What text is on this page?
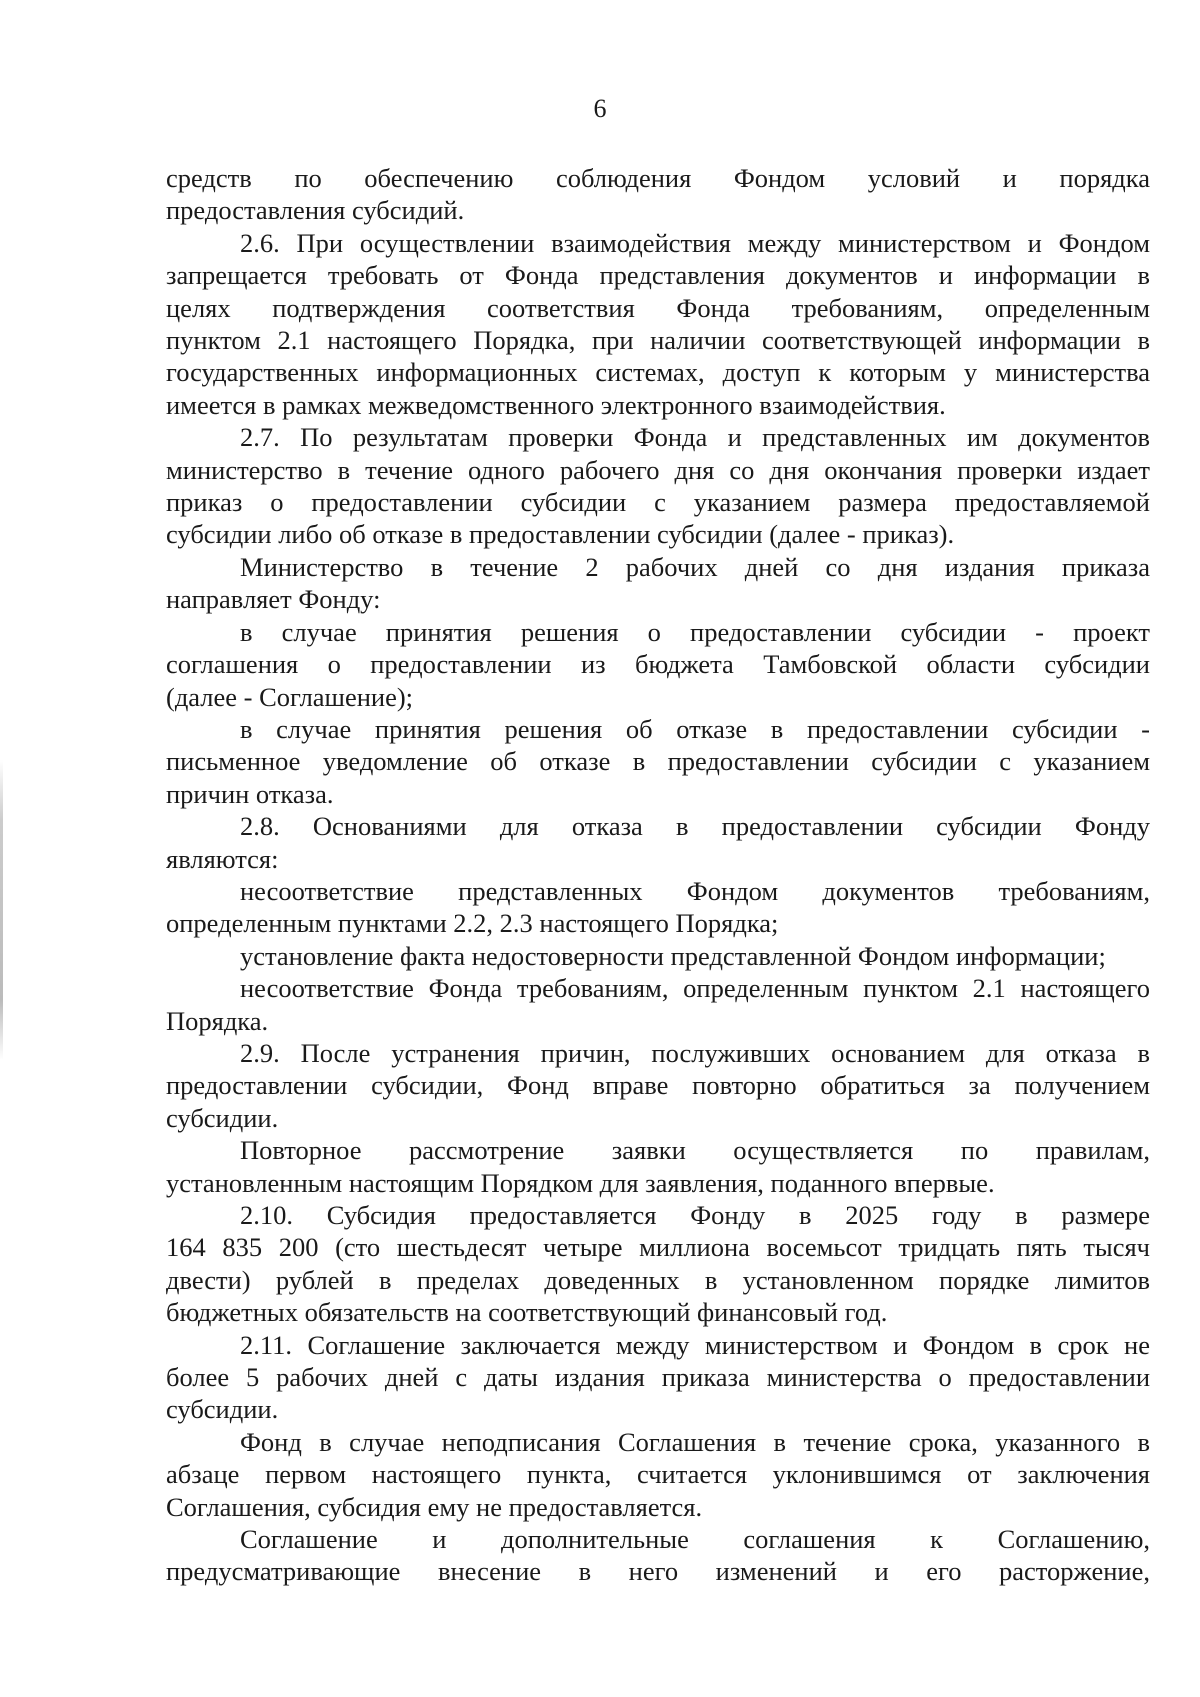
6
средств по обеспечению соблюдения Фондом условий и порядка
предоставления субсидий.
2.6. При осуществлении взаимодействия между министерством и Фондом
запрещается требовать от Фонда представления документов и информации в
целях подтверждения соответствия Фонда требованиям, определенным
пунктом 2.1 настоящего Порядка, при наличии соответствующей информации в
государственных информационных системах, доступ к которым у министерства
имеется в рамках межведомственного электронного взаимодействия.
2.7. По результатам проверки Фонда и представленных им документов
министерство в течение одного рабочего дня со дня окончания проверки издает
приказ о предоставлении субсидии с указанием размера предоставляемой
субсидии либо об отказе в предоставлении субсидии (далее - приказ).
Министерство в течение 2 рабочих дней со дня издания приказа
направляет Фонду:
в случае принятия решения о предоставлении субсидии - проект
соглашения о предоставлении из бюджета Тамбовской области субсидии
(далее - Соглашение);
в случае принятия решения об отказе в предоставлении субсидии -
письменное уведомление об отказе в предоставлении субсидии с указанием
причин отказа.
2.8. Основаниями для отказа в предоставлении субсидии Фонду
являются:
несоответствие представленных Фондом документов требованиям,
определенным пунктами 2.2, 2.3 настоящего Порядка;
установление факта недостоверности представленной Фондом информации;
несоответствие Фонда требованиям, определенным пунктом 2.1 настоящего
Порядка.
2.9. После устранения причин, послуживших основанием для отказа в
предоставлении субсидии, Фонд вправе повторно обратиться за получением
субсидии.
Повторное рассмотрение заявки осуществляется по правилам,
установленным настоящим Порядком для заявления, поданного впервые.
2.10. Субсидия предоставляется Фонду в 2025 году в размере
164 835 200 (сто шестьдесят четыре миллиона восемьсот тридцать пять тысяч
двести) рублей в пределах доведенных в установленном порядке лимитов
бюджетных обязательств на соответствующий финансовый год.
2.11. Соглашение заключается между министерством и Фондом в срок не
более 5 рабочих дней с даты издания приказа министерства о предоставлении
субсидии.
Фонд в случае неподписания Соглашения в течение срока, указанного в
абзаце первом настоящего пункта, считается уклонившимся от заключения
Соглашения, субсидия ему не предоставляется.
Соглашение и дополнительные соглашения к Соглашению,
предусматривающие внесение в него изменений и его расторжение,
